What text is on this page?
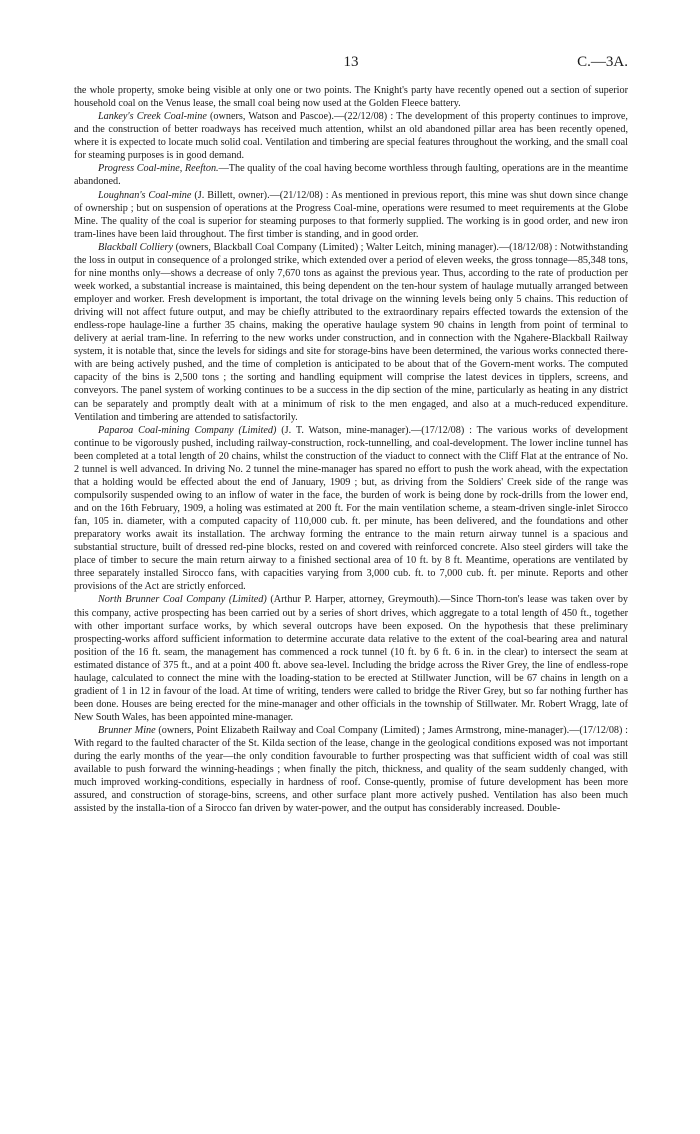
13	C.—3A.

the whole property, smoke being visible at only one or two points. The Knight's party have recently opened out a section of superior household coal on the Venus lease, the small coal being now used at the Golden Fleece battery.

Lankey's Creek Coal-mine (owners, Watson and Pascoe).—(22/12/08) : The development of this property continues to improve, and the construction of better roadways has received much attention, whilst an old abandoned pillar area has been recently opened, where it is expected to locate much solid coal. Ventilation and timbering are special features throughout the working, and the small coal for steaming purposes is in good demand.

Progress Coal-mine, Reefton.—The quality of the coal having become worthless through faulting, operations are in the meantime abandoned.

Loughnan's Coal-mine (J. Billett, owner).—(21/12/08) : As mentioned in previous report, this mine was shut down since change of ownership ; but on suspension of operations at the Progress Coal-mine, operations were resumed to meet requirements at the Globe Mine. The quality of the coal is superior for steaming purposes to that formerly supplied. The working is in good order, and new iron tram-lines have been laid throughout. The first timber is standing, and in good order.

Blackball Colliery (owners, Blackball Coal Company (Limited) ; Walter Leitch, mining manager).—(18/12/08) : Notwithstanding the loss in output in consequence of a prolonged strike, which extended over a period of eleven weeks, the gross tonnage—85,348 tons, for nine months only—shows a decrease of only 7,670 tons as against the previous year. Thus, according to the rate of production per week worked, a substantial increase is maintained, this being dependent on the ten-hour system of haulage mutually arranged between employer and worker. Fresh development is important, the total drivage on the winning levels being only 5 chains. This reduction of driving will not affect future output, and may be chiefly attributed to the extraordinary repairs effected towards the extension of the endless-rope haulage-line a further 35 chains, making the operative haulage system 90 chains in length from point of terminal to delivery at aerial tram-line. In referring to the new works under construction, and in connection with the Ngahere-Blackball Railway system, it is notable that, since the levels for sidings and site for storage-bins have been determined, the various works connected there-with are being actively pushed, and the time of completion is anticipated to be about that of the Govern-ment works. The computed capacity of the bins is 2,500 tons ; the sorting and handling equipment will comprise the latest devices in tipplers, screens, and conveyors. The panel system of working continues to be a success in the dip section of the mine, particularly as heating in any district can be separately and promptly dealt with at a minimum of risk to the men engaged, and also at a much-reduced expenditure. Ventilation and timbering are attended to satisfactorily.

Paparoa Coal-mining Company (Limited) (J. T. Watson, mine-manager).—(17/12/08) : The various works of development continue to be vigorously pushed, including railway-construction, rock-tunnelling, and coal-development. The lower incline tunnel has been completed at a total length of 20 chains, whilst the construction of the viaduct to connect with the Cliff Flat at the entrance of No. 2 tunnel is well advanced. In driving No. 2 tunnel the mine-manager has spared no effort to push the work ahead, with the expectation that a holding would be effected about the end of January, 1909 ; but, as driving from the Soldiers' Creek side of the range was compulsorily suspended owing to an inflow of water in the face, the burden of work is being done by rock-drills from the lower end, and on the 16th February, 1909, a holing was estimated at 200 ft. For the main ventilation scheme, a steam-driven single-inlet Sirocco fan, 105 in. diameter, with a computed capacity of 110,000 cub. ft. per minute, has been delivered, and the foundations and other preparatory works await its installation. The archway forming the entrance to the main return airway tunnel is a spacious and substantial structure, built of dressed red-pine blocks, rested on and covered with reinforced concrete. Also steel girders will take the place of timber to secure the main return airway to a finished sectional area of 10 ft. by 8 ft. Meantime, operations are ventilated by three separately installed Sirocco fans, with capacities varying from 3,000 cub. ft. to 7,000 cub. ft. per minute. Reports and other provisions of the Act are strictly enforced.

North Brunner Coal Company (Limited) (Arthur P. Harper, attorney, Greymouth).—Since Thorn-ton's lease was taken over by this company, active prospecting has been carried out by a series of short drives, which aggregate to a total length of 450 ft., together with other important surface works, by which several outcrops have been exposed. On the hypothesis that these preliminary prospecting-works afford sufficient information to determine accurate data relative to the extent of the coal-bearing area and natural position of the 16 ft. seam, the management has commenced a rock tunnel (10 ft. by 6 ft. 6 in. in the clear) to intersect the seam at estimated distance of 375 ft., and at a point 400 ft. above sea-level. Including the bridge across the River Grey, the line of endless-rope haulage, calculated to connect the mine with the loading-station to be erected at Stillwater Junction, will be 67 chains in length on a gradient of 1 in 12 in favour of the load. At time of writing, tenders were called to bridge the River Grey, but so far nothing further has been done. Houses are being erected for the mine-manager and other officials in the township of Stillwater. Mr. Robert Wragg, late of New South Wales, has been appointed mine-manager.

Brunner Mine (owners, Point Elizabeth Railway and Coal Company (Limited) ; James Armstrong, mine-manager).—(17/12/08) : With regard to the faulted character of the St. Kilda section of the lease, change in the geological conditions exposed was not important during the early months of the year—the only condition favourable to further prospecting was that sufficient width of coal was still available to push forward the winning-headings ; when finally the pitch, thickness, and quality of the seam suddenly changed, with much improved working-conditions, especially in hardness of roof. Conse-quently, promise of future development has been more assured, and construction of storage-bins, screens, and other surface plant more actively pushed. Ventilation has also been much assisted by the installa-tion of a Sirocco fan driven by water-power, and the output has considerably increased. Double-
